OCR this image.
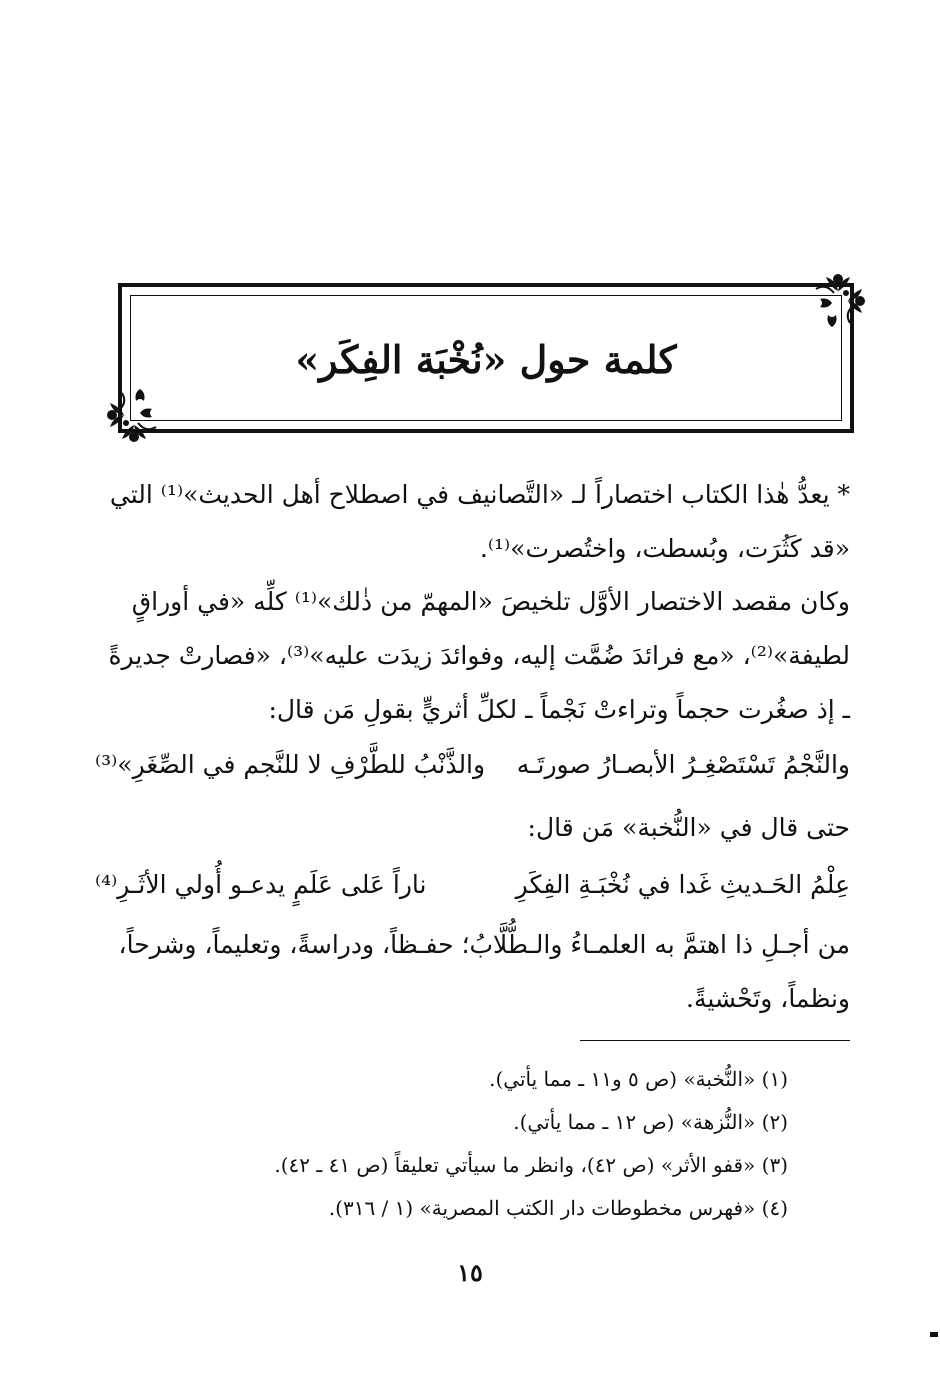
كلمة حول «نُخْبَة الفِكَر»
* يعدُّ هٰذا الكتاب اختصاراً لـ «التَّصانيف في اصطلاح أهل الحديث»⁽¹⁾ التي «قد كَثُرَت، وبُسطت، واختُصرت»⁽¹⁾.
وكان مقصد الاختصار الأوَّل تلخيصَ «المهمّ من ذٰلك»⁽¹⁾ كلِّه «في أوراقٍ لطيفة»⁽²⁾، «مع فرائدَ ضُمَّت إليه، وفوائدَ زيدَت عليه»⁽³⁾، «فصارتْ جديرةً ـ إذ صغُرت حجماً وتراءتْ نَجْماً ـ لكلِّ أثريٍّ بقولِ مَن قال:
والنَّجْمُ تَسْتَصْغِـرُ الأبصـارُ صورتَـه
والذَّنْبُ للطَّرْفِ لا للنَّجم في الصِّغَرِ»⁽³⁾
حتى قال في «النُّخبة» مَن قال:
عِلْمُ الحَـديثِ غَدا في نُخْبَـةِ الفِكَرِ
ناراً عَلى عَلَمٍ يدعـو أُولي الأثَـرِ⁽⁴⁾
من أجـلِ ذا اهتمَّ به العلمـاءُ والـطُّلَّابُ؛ حفـظاً، ودراسةً، وتعليماً، وشرحاً، ونظماً، وتَحْشيةً.
(١) «النُّخبة» (ص ٥ و١١ ـ مما يأتي).
(٢) «النُّزهة» (ص ١٢ ـ مما يأتي).
(٣) «قفو الأثر» (ص ٤٢)، وانظر ما سيأتي تعليقاً (ص ٤١ ـ ٤٢).
(٤) «فهرس مخطوطات دار الكتب المصرية» (١ / ٣١٦).
١٥
